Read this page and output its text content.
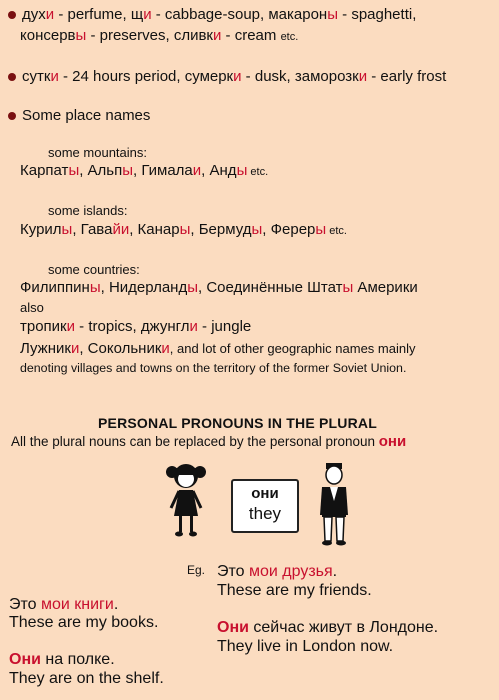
духи - perfume, щи - cabbage-soup, макароны - spaghetti,
консервы - preserves, сливки - cream etc.
сутки - 24 hours period, сумерки - dusk, заморозки - early frost
Some place names
some mountains:
Карпаты, Альпы, Гималаи, Анды etc.
some islands:
Курилы, Гавайи, Канары, Бермуды, Фереры etc.
some countries:
Филиппины, Нидерланды, Соединённые Штаты Америки
also
тропики - tropics, джунгли - jungle
Лужники, Сокольники, and lot of other geographic names mainly
denoting villages and towns on the territory of the former Soviet Union.
PERSONAL PRONOUNS IN THE PLURAL
All the plural nouns can be replaced by the personal pronoun они
они
they
Eg. Это мои друзья.
These are my friends.
Это мои книги.
These are my books.	Они сейчас живут в Лондоне.
They live in London now.
Они на полке.
They are on the shelf.
